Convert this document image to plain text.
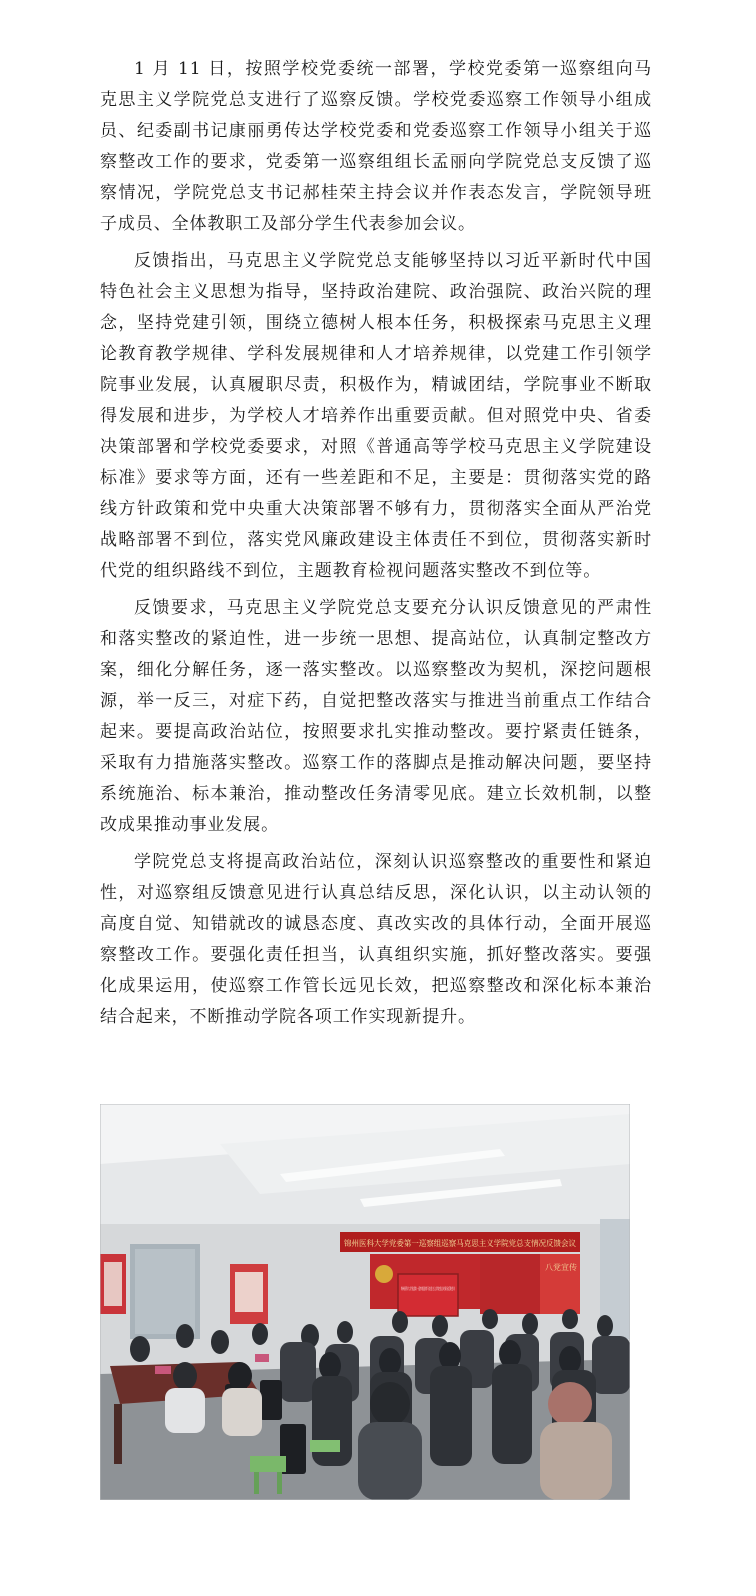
1 月 11 日，按照学校党委统一部署，学校党委第一巡察组向马克思主义学院党总支进行了巡察反馈。学校党委巡察工作领导小组成员、纪委副书记康丽勇传达学校党委和党委巡察工作领导小组关于巡察整改工作的要求，党委第一巡察组组长孟丽向学院党总支反馈了巡察情况，学院党总支书记郝桂荣主持会议并作表态发言，学院领导班子成员、全体教职工及部分学生代表参加会议。

反馈指出，马克思主义学院党总支能够坚持以习近平新时代中国特色社会主义思想为指导，坚持政治建院、政治强院、政治兴院的理念，坚持党建引领，围绕立德树人根本任务，积极探索马克思主义理论教育教学规律、学科发展规律和人才培养规律，以党建工作引领学院事业发展，认真履职尽责，积极作为，精诚团结，学院事业不断取得发展和进步，为学校人才培养作出重要贡献。但对照党中央、省委决策部署和学校党委要求，对照《普通高等学校马克思主义学院建设标准》要求等方面，还有一些差距和不足，主要是：贯彻落实党的路线方针政策和党中央重大决策部署不够有力，贯彻落实全面从严治党战略部署不到位，落实党风廉政建设主体责任不到位，贯彻落实新时代党的组织路线不到位，主题教育检视问题落实整改不到位等。

反馈要求，马克思主义学院党总支要充分认识反馈意见的严肃性和落实整改的紧迫性，进一步统一思想、提高站位，认真制定整改方案，细化分解任务，逐一落实整改。以巡察整改为契机，深挖问题根源，举一反三，对症下药，自觉把整改落实与推进当前重点工作结合起来。要提高政治站位，按照要求扎实推动整改。要拧紧责任链条，采取有力措施落实整改。巡察工作的落脚点是推动解决问题，要坚持系统施治、标本兼治，推动整改任务清零见底。建立长效机制，以整改成果推动事业发展。

学院党总支将提高政治站位，深刻认识巡察整改的重要性和紧迫性，对巡察组反馈意见进行认真总结反思，深化认识，以主动认领的高度自觉、知错就改的诚恳态度、真改实改的具体行动，全面开展巡察整改工作。要强化责任担当，认真组织实施，抓好整改落实。要强化成果运用，使巡察工作管长远见长效，把巡察整改和深化标本兼治结合起来，不断推动学院各项工作实现新提升。

锦州医科大学党委第一巡察组巡察马克思主义学院党总支情况反馈会议
八党宣传
